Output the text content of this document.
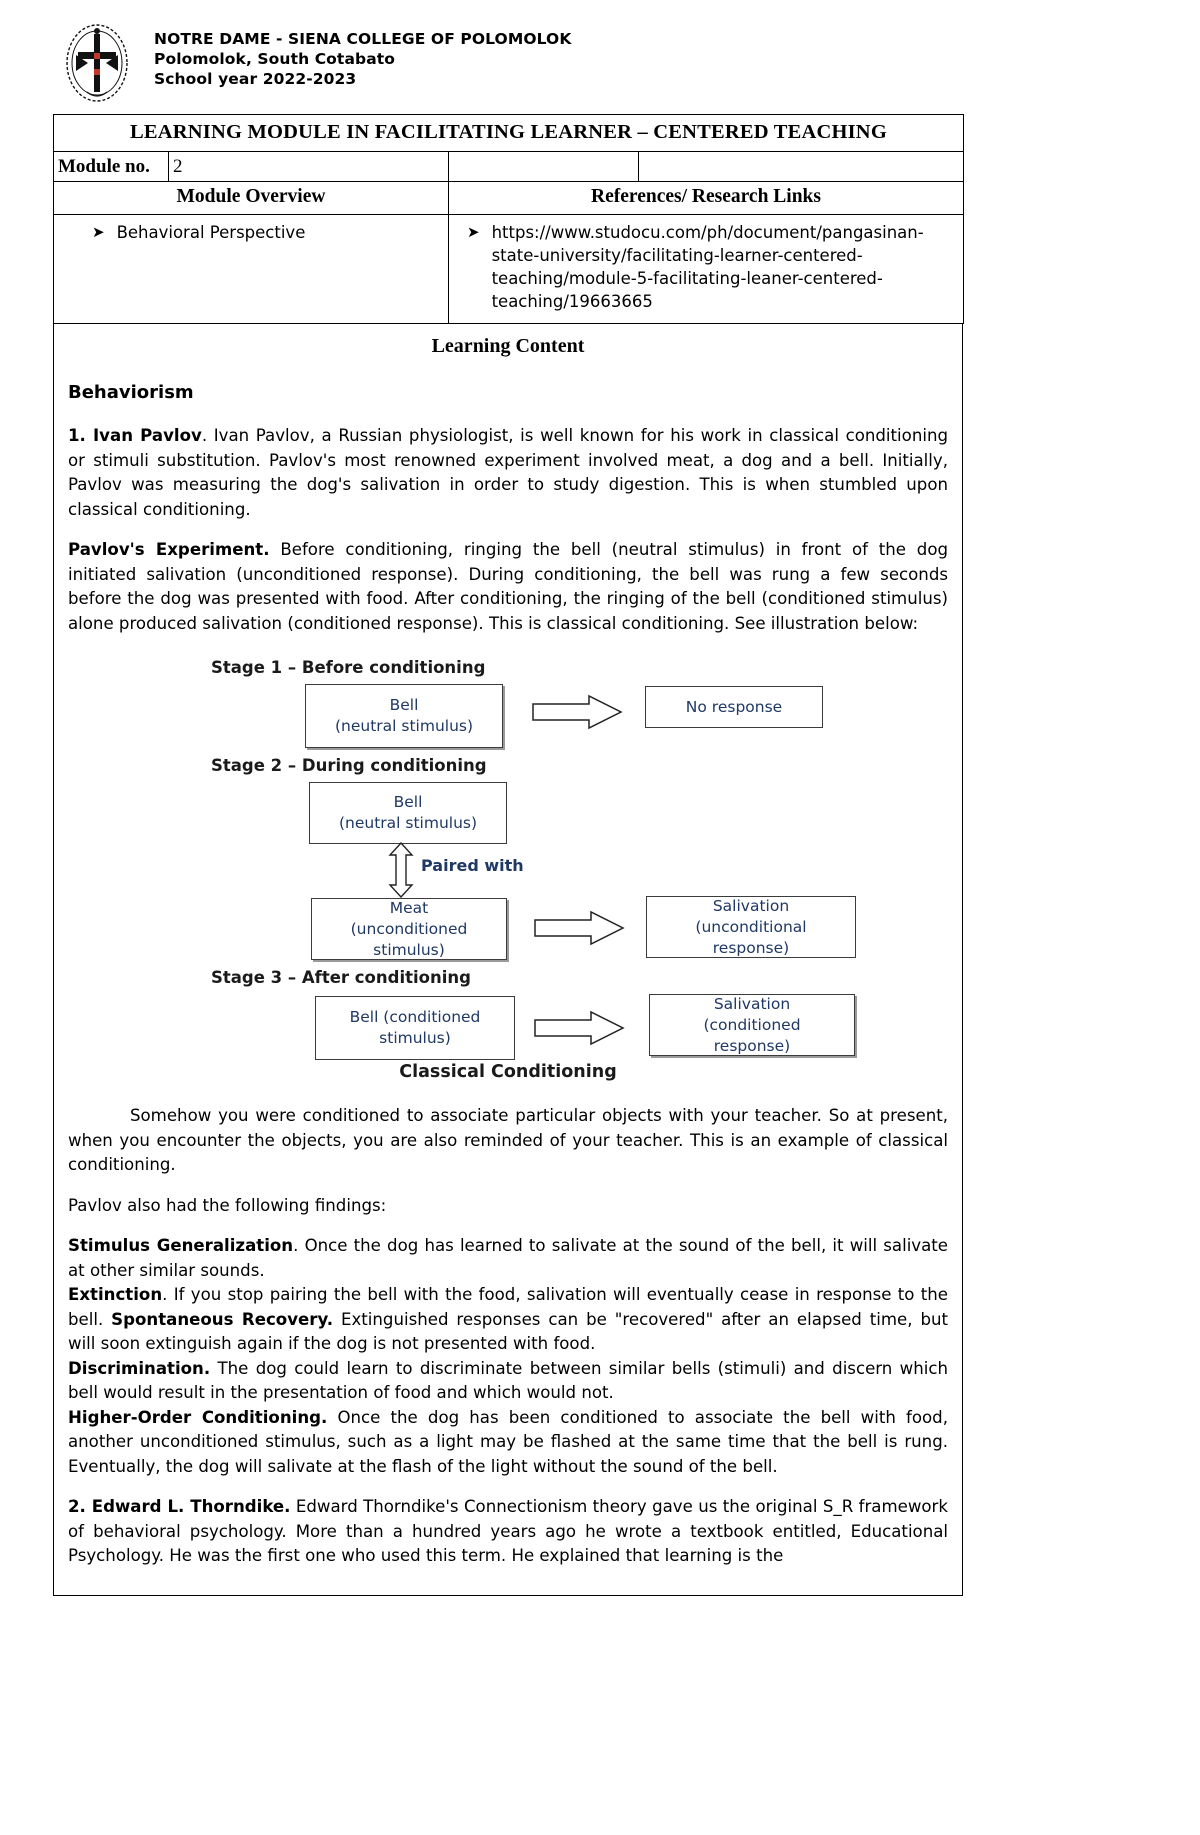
NOTRE DAME - SIENA COLLEGE OF POLOMOLOK
Polomolok, South Cotabato
School year 2022-2023
LEARNING MODULE IN FACILITATING LEARNER – CENTERED TEACHING			
Module no.	2		
Module Overview		References/ Research Links	

➤ Behavioral Perspective		➤ https://www.studocu.com/ph/document/pangasinan-state-university/facilitating-learner-centered-teaching/module-5-facilitating-leaner-centered-teaching/19663665	
Learning Content
Behaviorism

1. Ivan Pavlov. Ivan Pavlov, a Russian physiologist, is well known for his work in classical conditioning or stimuli substitution. Pavlov's most renowned experiment involved meat, a dog and a bell. Initially, Pavlov was measuring the dog's salivation in order to study digestion. This is when stumbled upon classical conditioning.

Pavlov's Experiment. Before conditioning, ringing the bell (neutral stimulus) in front of the dog initiated salivation (unconditioned response). During conditioning, the bell was rung a few seconds before the dog was presented with food. After conditioning, the ringing of the bell (conditioned stimulus) alone produced salivation (conditioned response). This is classical conditioning. See illustration below:

Stage 1 – Before conditioning
Bell
(neutral stimulus)
No response
Stage 2 – During conditioning
Bell
(neutral stimulus)
Paired with
Meat
(unconditioned
stimulus)
Salivation
(unconditional
response)
Stage 3 – After conditioning
Bell (conditioned
stimulus)
Salivation
(conditioned
response)
Classical Conditioning

Somehow you were conditioned to associate particular objects with your teacher. So at present, when you encounter the objects, you are also reminded of your teacher. This is an example of classical conditioning.

Pavlov also had the following findings:

Stimulus Generalization. Once the dog has learned to salivate at the sound of the bell, it will salivate at other similar sounds.

Extinction. If you stop pairing the bell with the food, salivation will eventually cease in response to the bell. Spontaneous Recovery. Extinguished responses can be "recovered" after an elapsed time, but will soon extinguish again if the dog is not presented with food.

Discrimination. The dog could learn to discriminate between similar bells (stimuli) and discern which bell would result in the presentation of food and which would not.

Higher-Order Conditioning. Once the dog has been conditioned to associate the bell with food, another unconditioned stimulus, such as a light may be flashed at the same time that the bell is rung. Eventually, the dog will salivate at the flash of the light without the sound of the bell.

2. Edward L. Thorndike. Edward Thorndike's Connectionism theory gave us the original S_R framework of behavioral psychology. More than a hundred years ago he wrote a textbook entitled, Educational Psychology. He was the first one who used this term. He explained that learning is the
